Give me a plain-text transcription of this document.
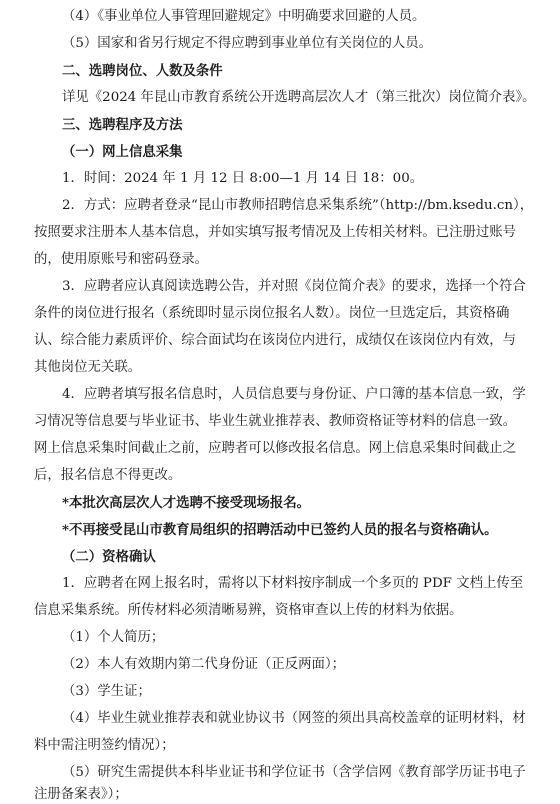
（4）《事业单位人事管理回避规定》中明确要求回避的人员。
（5）国家和省另行规定不得应聘到事业单位有关岗位的人员。
二、选聘岗位、人数及条件
详见《2024 年昆山市教育系统公开选聘高层次人才（第三批次）岗位简介表》。
三、选聘程序及方法
（一）网上信息采集
1．时间：2024 年 1 月 12 日 8:00—1 月 14 日 18：00。
2．方式：应聘者登录“昆山市教师招聘信息采集系统”（http://bm.ksedu.cn），
按照要求注册本人基本信息，并如实填写报考情况及上传相关材料。已注册过账号
的，使用原账号和密码登录。
3．应聘者应认真阅读选聘公告，并对照《岗位简介表》的要求，选择一个符合
条件的岗位进行报名（系统即时显示岗位报名人数）。岗位一旦选定后，其资格确
认、综合能力素质评价、综合面试均在该岗位内进行，成绩仅在该岗位内有效，与
其他岗位无关联。
4．应聘者填写报名信息时，人员信息要与身份证、户口簿的基本信息一致，学
习情况等信息要与毕业证书、毕业生就业推荐表、教师资格证等材料的信息一致。
网上信息采集时间截止之前，应聘者可以修改报名信息。网上信息采集时间截止之
后，报名信息不得更改。
*本批次高层次人才选聘不接受现场报名。
*不再接受昆山市教育局组织的招聘活动中已签约人员的报名与资格确认。
（二）资格确认
1．应聘者在网上报名时，需将以下材料按序制成一个多页的 PDF 文档上传至
信息采集系统。所传材料必须清晰易辨，资格审查以上传的材料为依据。
（1）个人简历；
（2）本人有效期内第二代身份证（正反两面）；
（3）学生证；
（4）毕业生就业推荐表和就业协议书（网签的须出具高校盖章的证明材料，材
料中需注明签约情况）；
（5）研究生需提供本科毕业证书和学位证书（含学信网《教育部学历证书电子
注册备案表》）；
